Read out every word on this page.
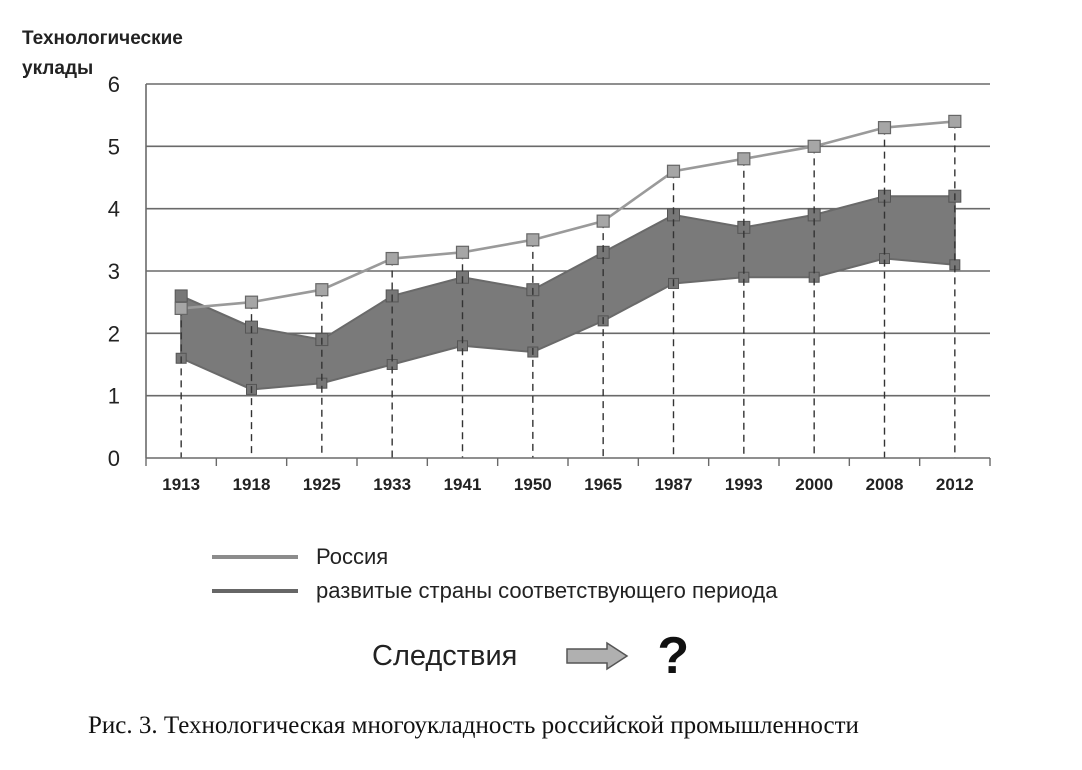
Технологические
уклады
0
1
2
3
4
5
6
1913 1918 1925 1933 1941 1950 1965 1987 1993 2000 2008 2012
Россия
развитые страны соответствующего периода
Следствия	?
Рис. 3. Технологическая многоукладность российской промышленности
